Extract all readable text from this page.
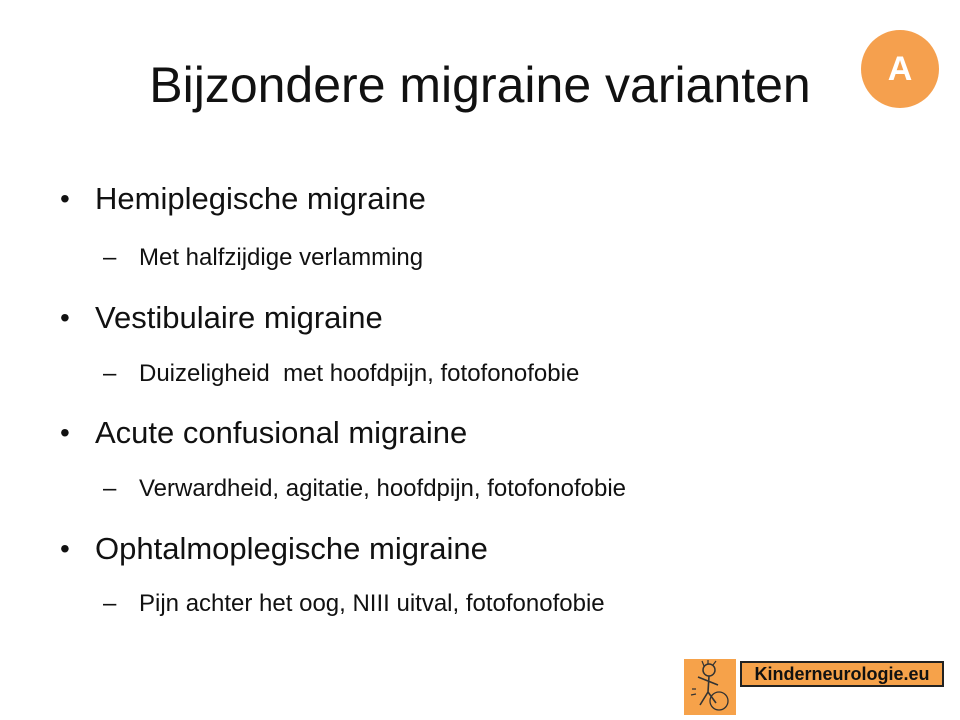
Bijzondere migraine varianten	A
• Hemiplegische migraine
– Met halfzijdige verlamming
• Vestibulaire migraine
– Duizeligheid  met hoofdpijn, fotofonofobie
• Acute confusional migraine
– Verwardheid, agitatie, hoofdpijn, fotofonofobie
• Ophtalmoplegische migraine
– Pijn achter het oog, NIII uitval, fotofonofobie
Kinderneurologie.eu
